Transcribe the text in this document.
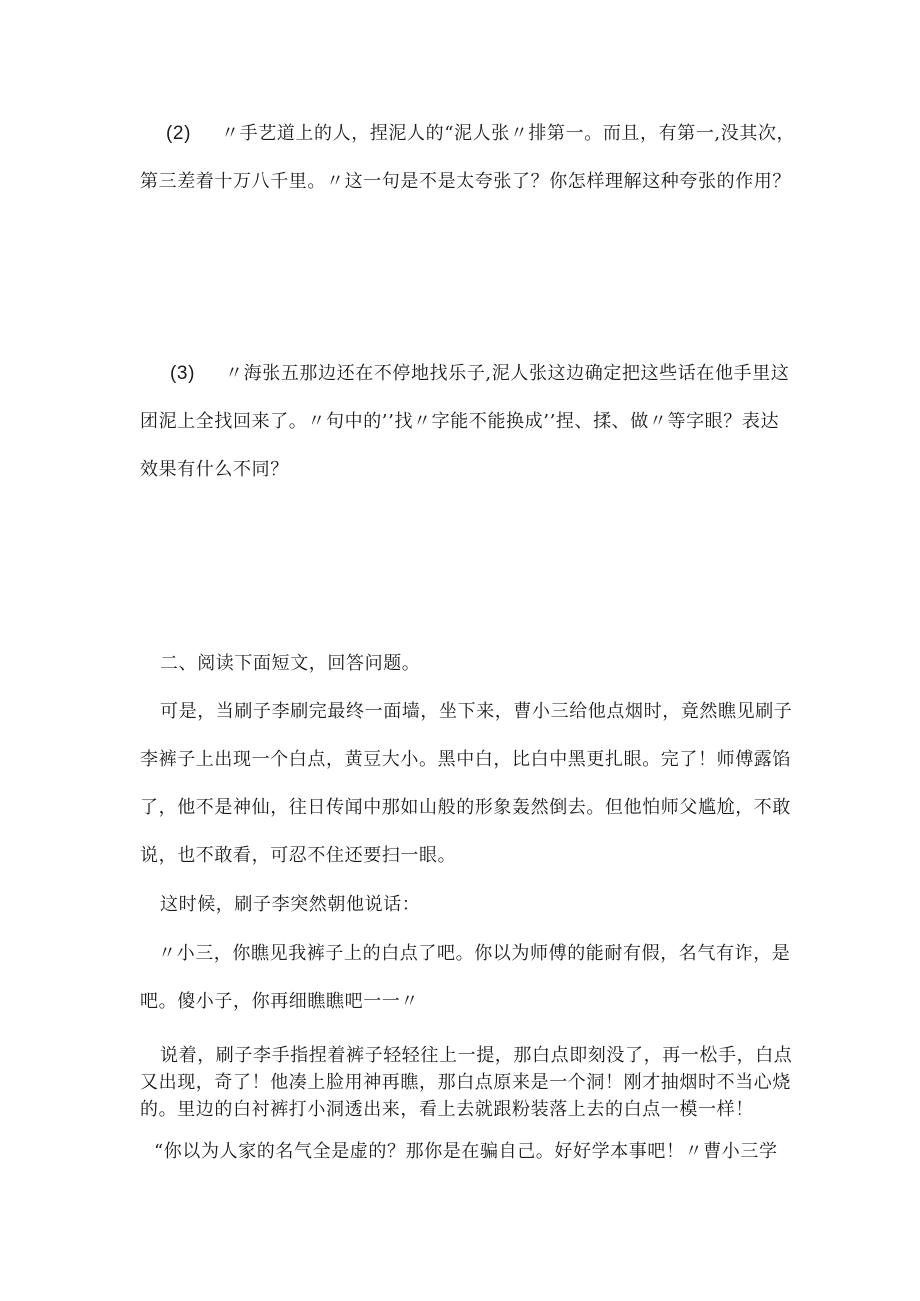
(2) 〃手艺道上的人，捏泥人的“泥人张〃排第一。而且，有第一,没其次，
第三差着十万八千里。〃这一句是不是太夸张了？你怎样理解这种夸张的作用？
(3) 〃海张五那边还在不停地找乐子,泥人张这边确定把这些话在他手里这
团泥上全找回来了。〃句中的’’找〃字能不能换成’’捏、揉、做〃等字眼？表达
效果有什么不同？
二、阅读下面短文，回答问题。
可是，当刷子李刷完最终一面墙，坐下来，曹小三给他点烟时，竟然瞧见刷子
李裤子上出现一个白点，黄豆大小。黑中白，比白中黑更扎眼。完了！师傅露馅
了，他不是神仙，往日传闻中那如山般的形象轰然倒去。但他怕师父尴尬，不敢
说，也不敢看，可忍不住还要扫一眼。
这时候，刷子李突然朝他说话：
〃小三，你瞧见我裤子上的白点了吧。你以为师傅的能耐有假，名气有诈，是
吧。傻小子，你再细瞧瞧吧一一〃
说着，刷子李手指捏着裤子轻轻往上一提，那白点即刻没了，再一松手，白点
又出现，奇了！他凑上脸用神再瞧，那白点原来是一个洞！刚才抽烟时不当心烧
的。里边的白衬裤打小洞透出来，看上去就跟粉装落上去的白点一模一样！
“你以为人家的名气全是虚的？那你是在骗自己。好好学本事吧！〃曹小三学
